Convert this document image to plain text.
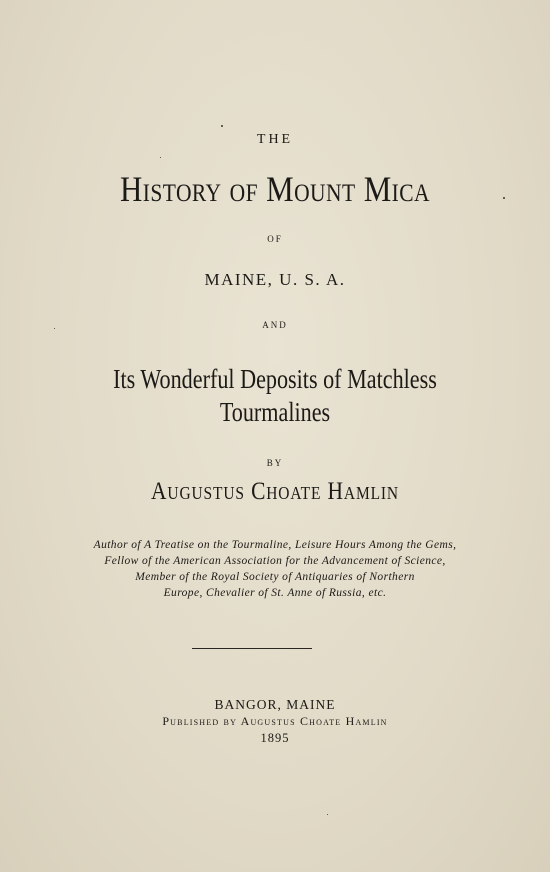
THE
History of Mount Mica
OF
MAINE, U. S. A.
AND
Its Wonderful Deposits of Matchless
Tourmalines
BY
Augustus Choate Hamlin
Author of A Treatise on the Tourmaline, Leisure Hours Among the Gems,
Fellow of the American Association for the Advancement of Science,
Member of the Royal Society of Antiquaries of Northern
Europe, Chevalier of St. Anne of Russia, etc.
BANGOR, MAINE
Published by Augustus Choate Hamlin
1895
